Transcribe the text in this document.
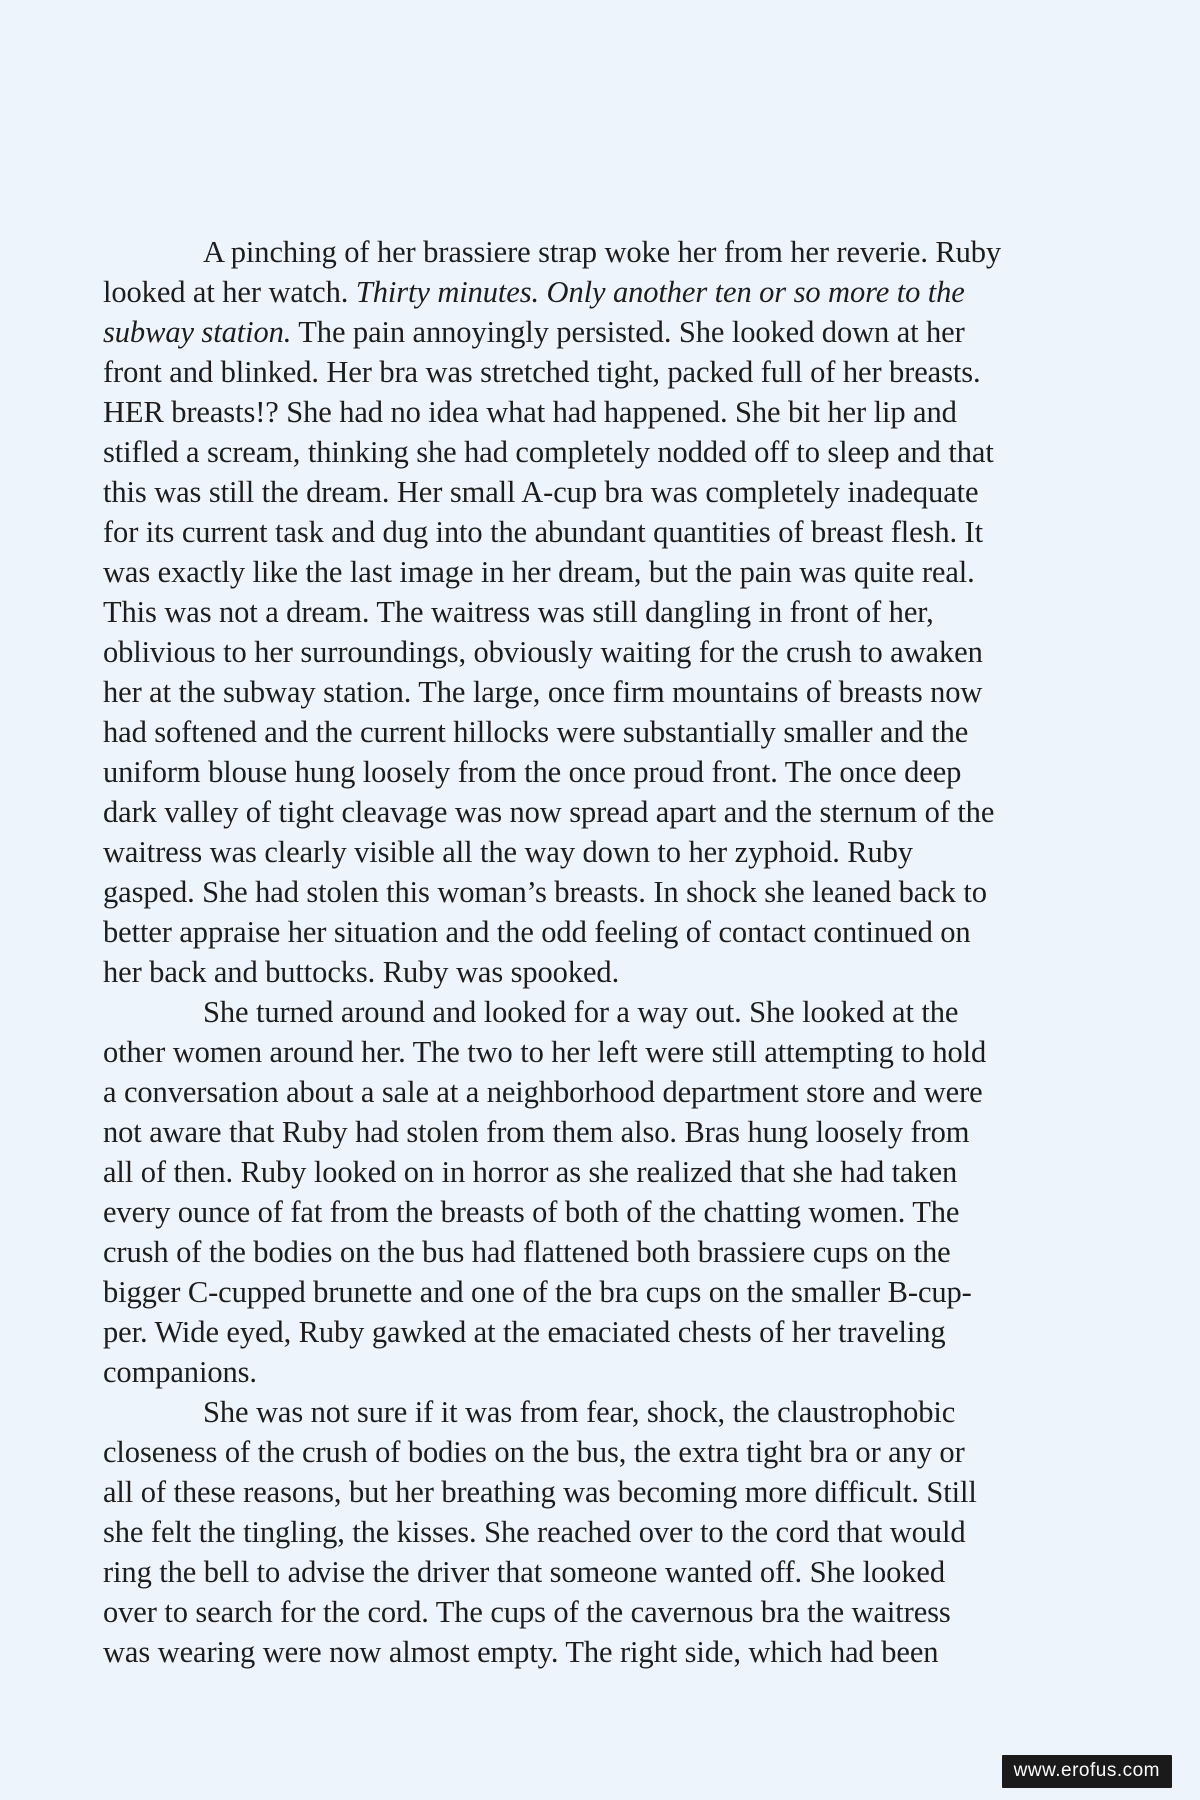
A pinching of her brassiere strap woke her from her reverie. Ruby
looked at her watch. Thirty minutes. Only another ten or so more to the
subway station. The pain annoyingly persisted. She looked down at her
front and blinked. Her bra was stretched tight, packed full of her breasts.
HER breasts!? She had no idea what had happened. She bit her lip and
stifled a scream, thinking she had completely nodded off to sleep and that
this was still the dream. Her small A-cup bra was completely inadequate
for its current task and dug into the abundant quantities of breast flesh. It
was exactly like the last image in her dream, but the pain was quite real.
This was not a dream. The waitress was still dangling in front of her,
oblivious to her surroundings, obviously waiting for the crush to awaken
her at the subway station. The large, once firm mountains of breasts now
had softened and the current hillocks were substantially smaller and the
uniform blouse hung loosely from the once proud front. The once deep
dark valley of tight cleavage was now spread apart and the sternum of the
waitress was clearly visible all the way down to her zyphoid. Ruby
gasped. She had stolen this woman’s breasts. In shock she leaned back to
better appraise her situation and the odd feeling of contact continued on
her back and buttocks. Ruby was spooked.
She turned around and looked for a way out. She looked at the
other women around her. The two to her left were still attempting to hold
a conversation about a sale at a neighborhood department store and were
not aware that Ruby had stolen from them also. Bras hung loosely from
all of then. Ruby looked on in horror as she realized that she had taken
every ounce of fat from the breasts of both of the chatting women. The
crush of the bodies on the bus had flattened both brassiere cups on the
bigger C-cupped brunette and one of the bra cups on the smaller B-cup-
per. Wide eyed, Ruby gawked at the emaciated chests of her traveling
companions.
She was not sure if it was from fear, shock, the claustrophobic
closeness of the crush of bodies on the bus, the extra tight bra or any or
all of these reasons, but her breathing was becoming more difficult. Still
she felt the tingling, the kisses. She reached over to the cord that would
ring the bell to advise the driver that someone wanted off. She looked
over to search for the cord. The cups of the cavernous bra the waitress
was wearing were now almost empty. The right side, which had been
www.erofus.com
